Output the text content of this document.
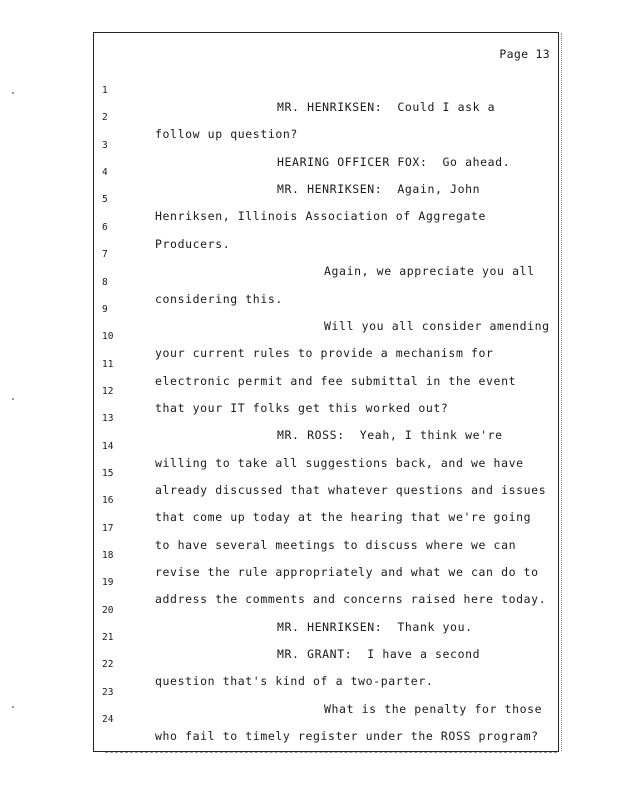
Page 13

1

MR. HENRIKSEN:  Could I ask a

2

follow up question?

3

HEARING OFFICER FOX:  Go ahead.

4

MR. HENRIKSEN:  Again, John

5

Henriksen, Illinois Association of Aggregate

6

Producers.

7

Again, we appreciate you all

8

considering this.

9

Will you all consider amending

10

your current rules to provide a mechanism for

11

electronic permit and fee submittal in the event

12

that your IT folks get this worked out?

13

MR. ROSS:  Yeah, I think we're

14

willing to take all suggestions back, and we have

15

already discussed that whatever questions and issues

16

that come up today at the hearing that we're going

17

to have several meetings to discuss where we can

18

revise the rule appropriately and what we can do to

19

address the comments and concerns raised here today.

20

MR. HENRIKSEN:  Thank you.

21

MR. GRANT:  I have a second

22

question that's kind of a two-parter.

23

What is the penalty for those

24

who fail to timely register under the ROSS program?
